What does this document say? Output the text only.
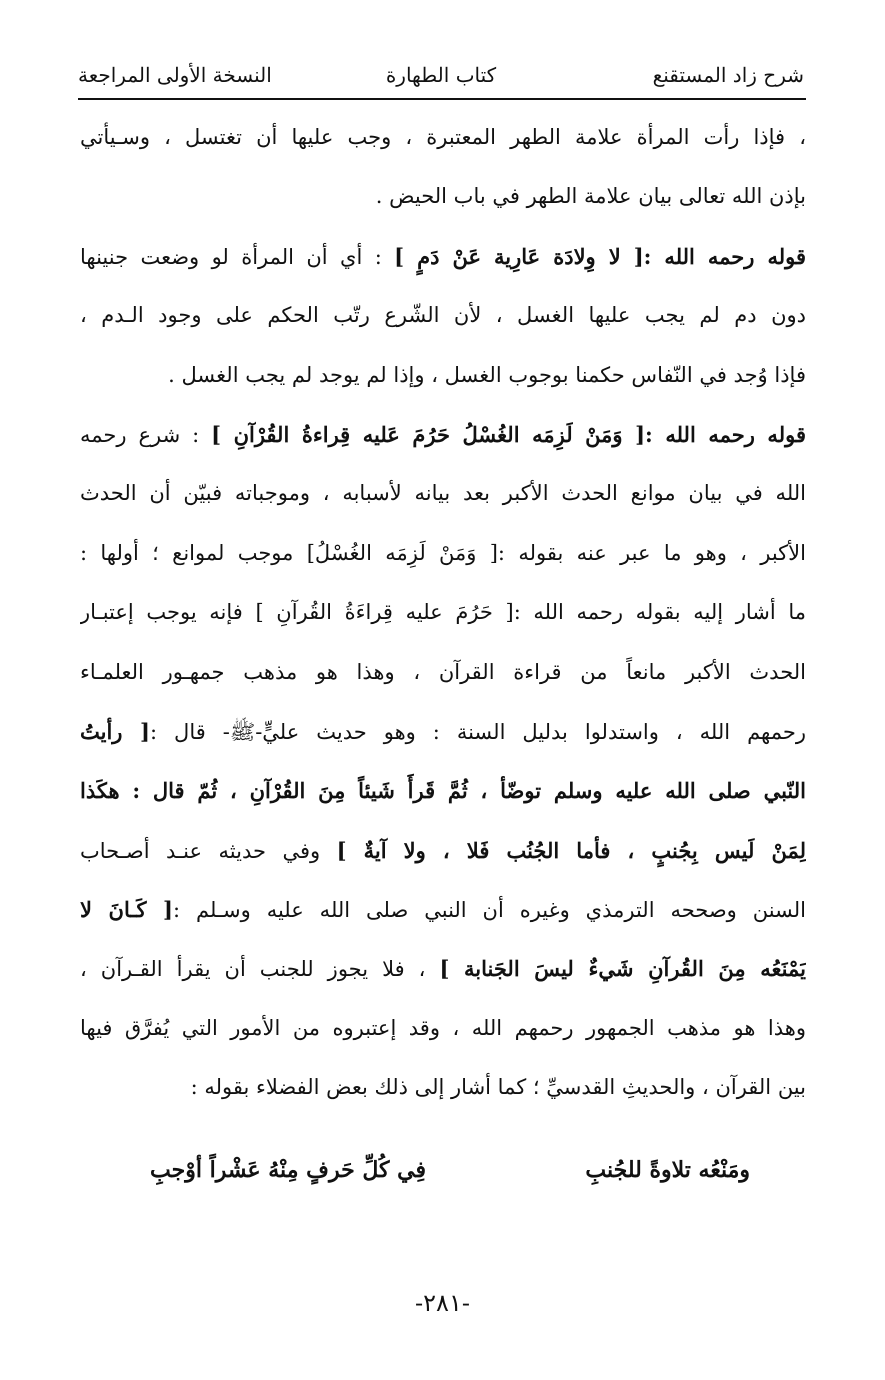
شرح زاد المستقنع
كتاب الطهارة
النسخة الأولى المراجعة
، فإذا رأت المرأة علامة الطهر المعتبرة ، وجب عليها أن تغتسل ، وسـيأتي
بإذن الله تعالى بيان علامة الطهر في باب الحيض .
قوله رحمه الله :[ لا وِلادَة عَارِية عَنْ دَمٍ ] : أي أن المرأة لو وضعت جنينها
دون دم لم يجب عليها الغسل ، لأن الشّرع رتّب الحكم على وجود الـدم ،
فإذا وُجد في النّفاس حكمنا بوجوب الغسل ، وإذا لم يوجد لم يجب الغسل .
قوله رحمه الله :[ وَمَنْ لَزِمَه الغُسْلُ حَرُمَ عَليه قِراءةُ القُرْآنِ ] : شرع رحمه
الله في بيان موانع الحدث الأكبر بعد بيانه لأسبابه ، وموجباته فبيّن أن الحدث
الأكبر ، وهو ما عبر عنه بقوله :[ وَمَنْ لَزِمَه الغُسْلُ] موجب لموانع ؛ أولها :
ما أشار إليه بقوله رحمه الله :[ حَرُمَ عليه قِراءَةُ القُرآنِ ] فإنه يوجب إعتبـار
الحدث الأكبر مانعاً من قراءة القرآن ، وهذا هو مذهب جمهـور العلمـاء
رحمهم الله ، واستدلوا بدليل السنة : وهو حديث عليٍّ-ﷺ- قال :[ رأيتُ
النّبي صلى الله عليه وسلم توضّأ ، ثُمَّ قَرأَ شَيئاً مِنَ القُرْآنِ ، ثُمّ قال : هكَذا
لِمَنْ لَيس بِجُنبٍ ، فأما الجُنُب فَلا ، ولا آيةٌ ] وفي حديثه عنـد أصـحاب
السنن وصححه الترمذي وغيره أن النبي صلى الله عليه وسـلم :[ كَـانَ لا
يَمْنَعُه مِنَ القُرآنِ شَيءٌ ليسَ الجَنابة ] ، فلا يجوز للجنب أن يقرأ القـرآن ،
وهذا هو مذهب الجمهور رحمهم الله ، وقد إعتبروه من الأمور التي يُفرَّق فيها
بين القرآن ، والحديثِ القدسيِّ ؛ كما أشار إلى ذلك بعض الفضلاء بقوله :
ومَنْعُه تلاوةً للجُنبِ
فِي كُلِّ حَرفٍ مِنْهُ عَشْراً أوْجبِ
-٢٨١-
